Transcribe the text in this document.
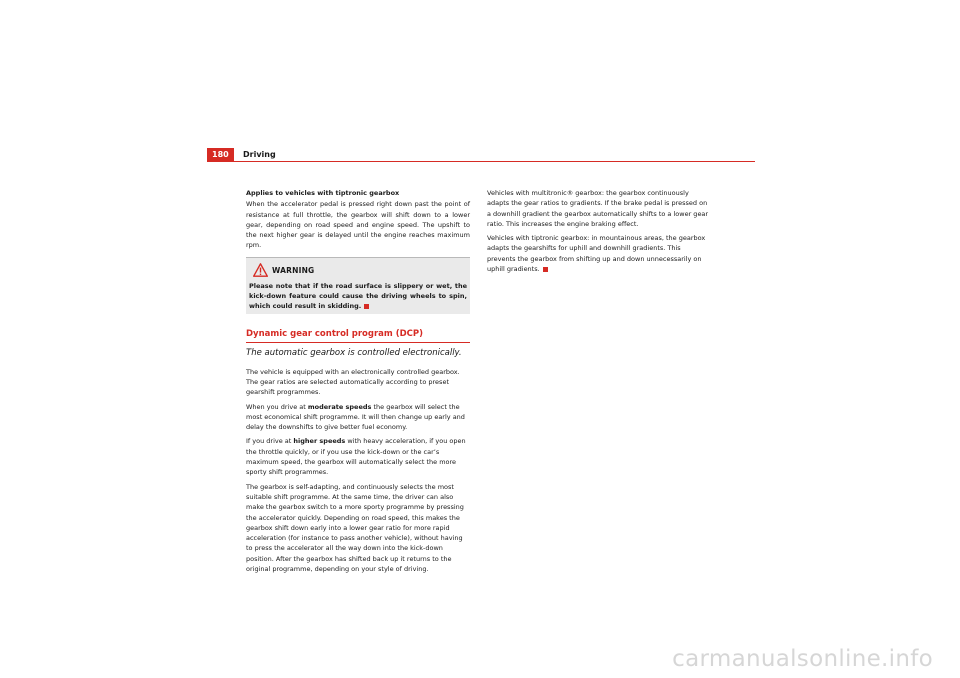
180 Driving

Applies to vehicles with tiptronic gearbox

When the accelerator pedal is pressed right down past the point of resistance at full throttle, the gearbox will shift down to a lower gear, depending on road speed and engine speed. The upshift to the next higher gear is delayed until the engine reaches maximum rpm.

WARNING

Please note that if the road surface is slippery or wet, the kick-down feature could cause the driving wheels to spin, which could result in skidding.

Dynamic gear control program (DCP)
The automatic gearbox is controlled electronically.

The vehicle is equipped with an electronically controlled gearbox. The gear ratios are selected automatically according to preset gearshift programmes.

When you drive at moderate speeds the gearbox will select the most economical shift programme. It will then change up early and delay the downshifts to give better fuel economy.

If you drive at higher speeds with heavy acceleration, if you open the throttle quickly, or if you use the kick-down or the car’s maximum speed, the gearbox will automatically select the more sporty shift programmes.

The gearbox is self-adapting, and continuously selects the most suitable shift programme. At the same time, the driver can also make the gearbox switch to a more sporty programme by pressing the accelerator quickly. Depending on road speed, this makes the gearbox shift down early into a lower gear ratio for more rapid acceleration (for instance to pass another vehicle), without having to press the accelerator all the way down into the kick-down position. After the gearbox has shifted back up it returns to the original programme, depending on your style of driving.

Vehicles with multitronic® gearbox: the gearbox continuously adapts the gear ratios to gradients. If the brake pedal is pressed on a downhill gradient the gearbox automatically shifts to a lower gear ratio. This increases the engine braking effect.

Vehicles with tiptronic gearbox: in mountainous areas, the gearbox adapts the gearshifts for uphill and downhill gradients. This prevents the gearbox from shifting up and down unnecessarily on uphill gradients.

carmanualsonline.info
